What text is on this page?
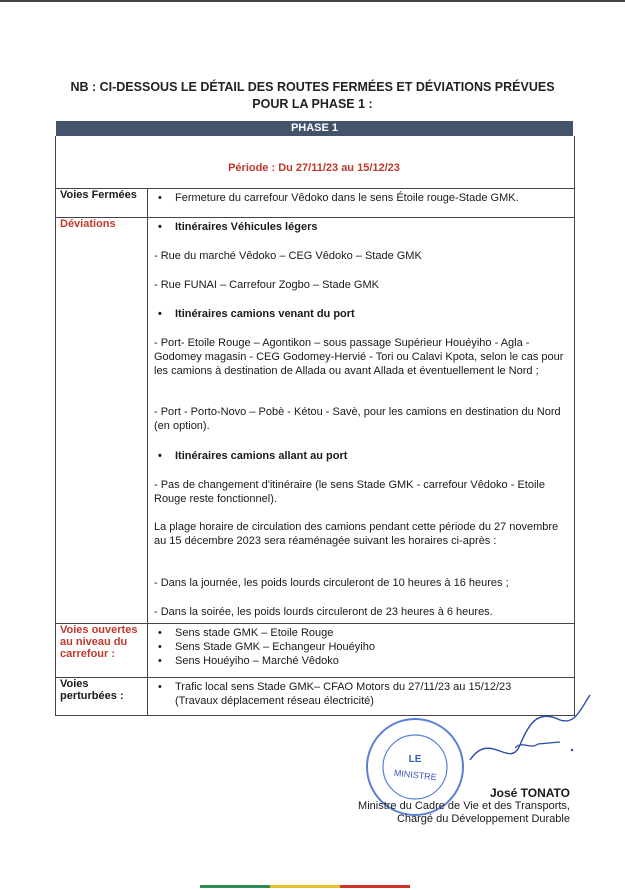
NB : CI-DESSOUS LE DÉTAIL DES ROUTES FERMÉES ET DÉVIATIONS PRÉVUES
POUR LA PHASE 1 :
PHASE 1
Période : Du 27/11/23 au 15/12/23
Voies Fermées	• Fermeture du carrefour Vêdoko dans le sens Étoile rouge-Stade GMK.
Déviations	• Itinéraires Véhicules légers
- Rue du marché Vêdoko – CEG Vêdoko – Stade GMK
- Rue FUNAI – Carrefour Zogbo – Stade GMK
• Itinéraires camions venant du port
- Port- Etoile Rouge – Agontikon – sous passage Supérieur Houéyiho - Agla - Godomey magasin - CEG Godomey-Hervié - Tori ou Calavi Kpota, selon le cas pour les camions à destination de Allada ou avant Allada et éventuellement le Nord ;
- Port - Porto-Novo – Pobè - Kétou - Savè, pour les camions en destination du Nord (en option).
• Itinéraires camions allant au port
- Pas de changement d'itinéraire (le sens Stade GMK - carrefour Vêdoko - Etoile Rouge reste fonctionnel).
La plage horaire de circulation des camions pendant cette période du 27 novembre au 15 décembre 2023 sera réaménagée suivant les horaires ci-après :
- Dans la journée, les poids lourds circuleront de 10 heures à 16 heures ;
- Dans la soirée, les poids lourds circuleront de 23 heures à 6 heures.
Voies ouvertes au niveau du carrefour :
• Sens stade GMK – Etoile Rouge
• Sens Stade GMK – Echangeur Houéyiho
• Sens Houéyiho – Marché Vêdoko
Voies perturbées :
• Trafic local sens Stade GMK– CFAO Motors du 27/11/23 au 15/12/23
(Travaux déplacement réseau électricité)
LE
MINISTRE
José TONATO
Ministre du Cadre de Vie et des Transports,
Chargé du Développement Durable
